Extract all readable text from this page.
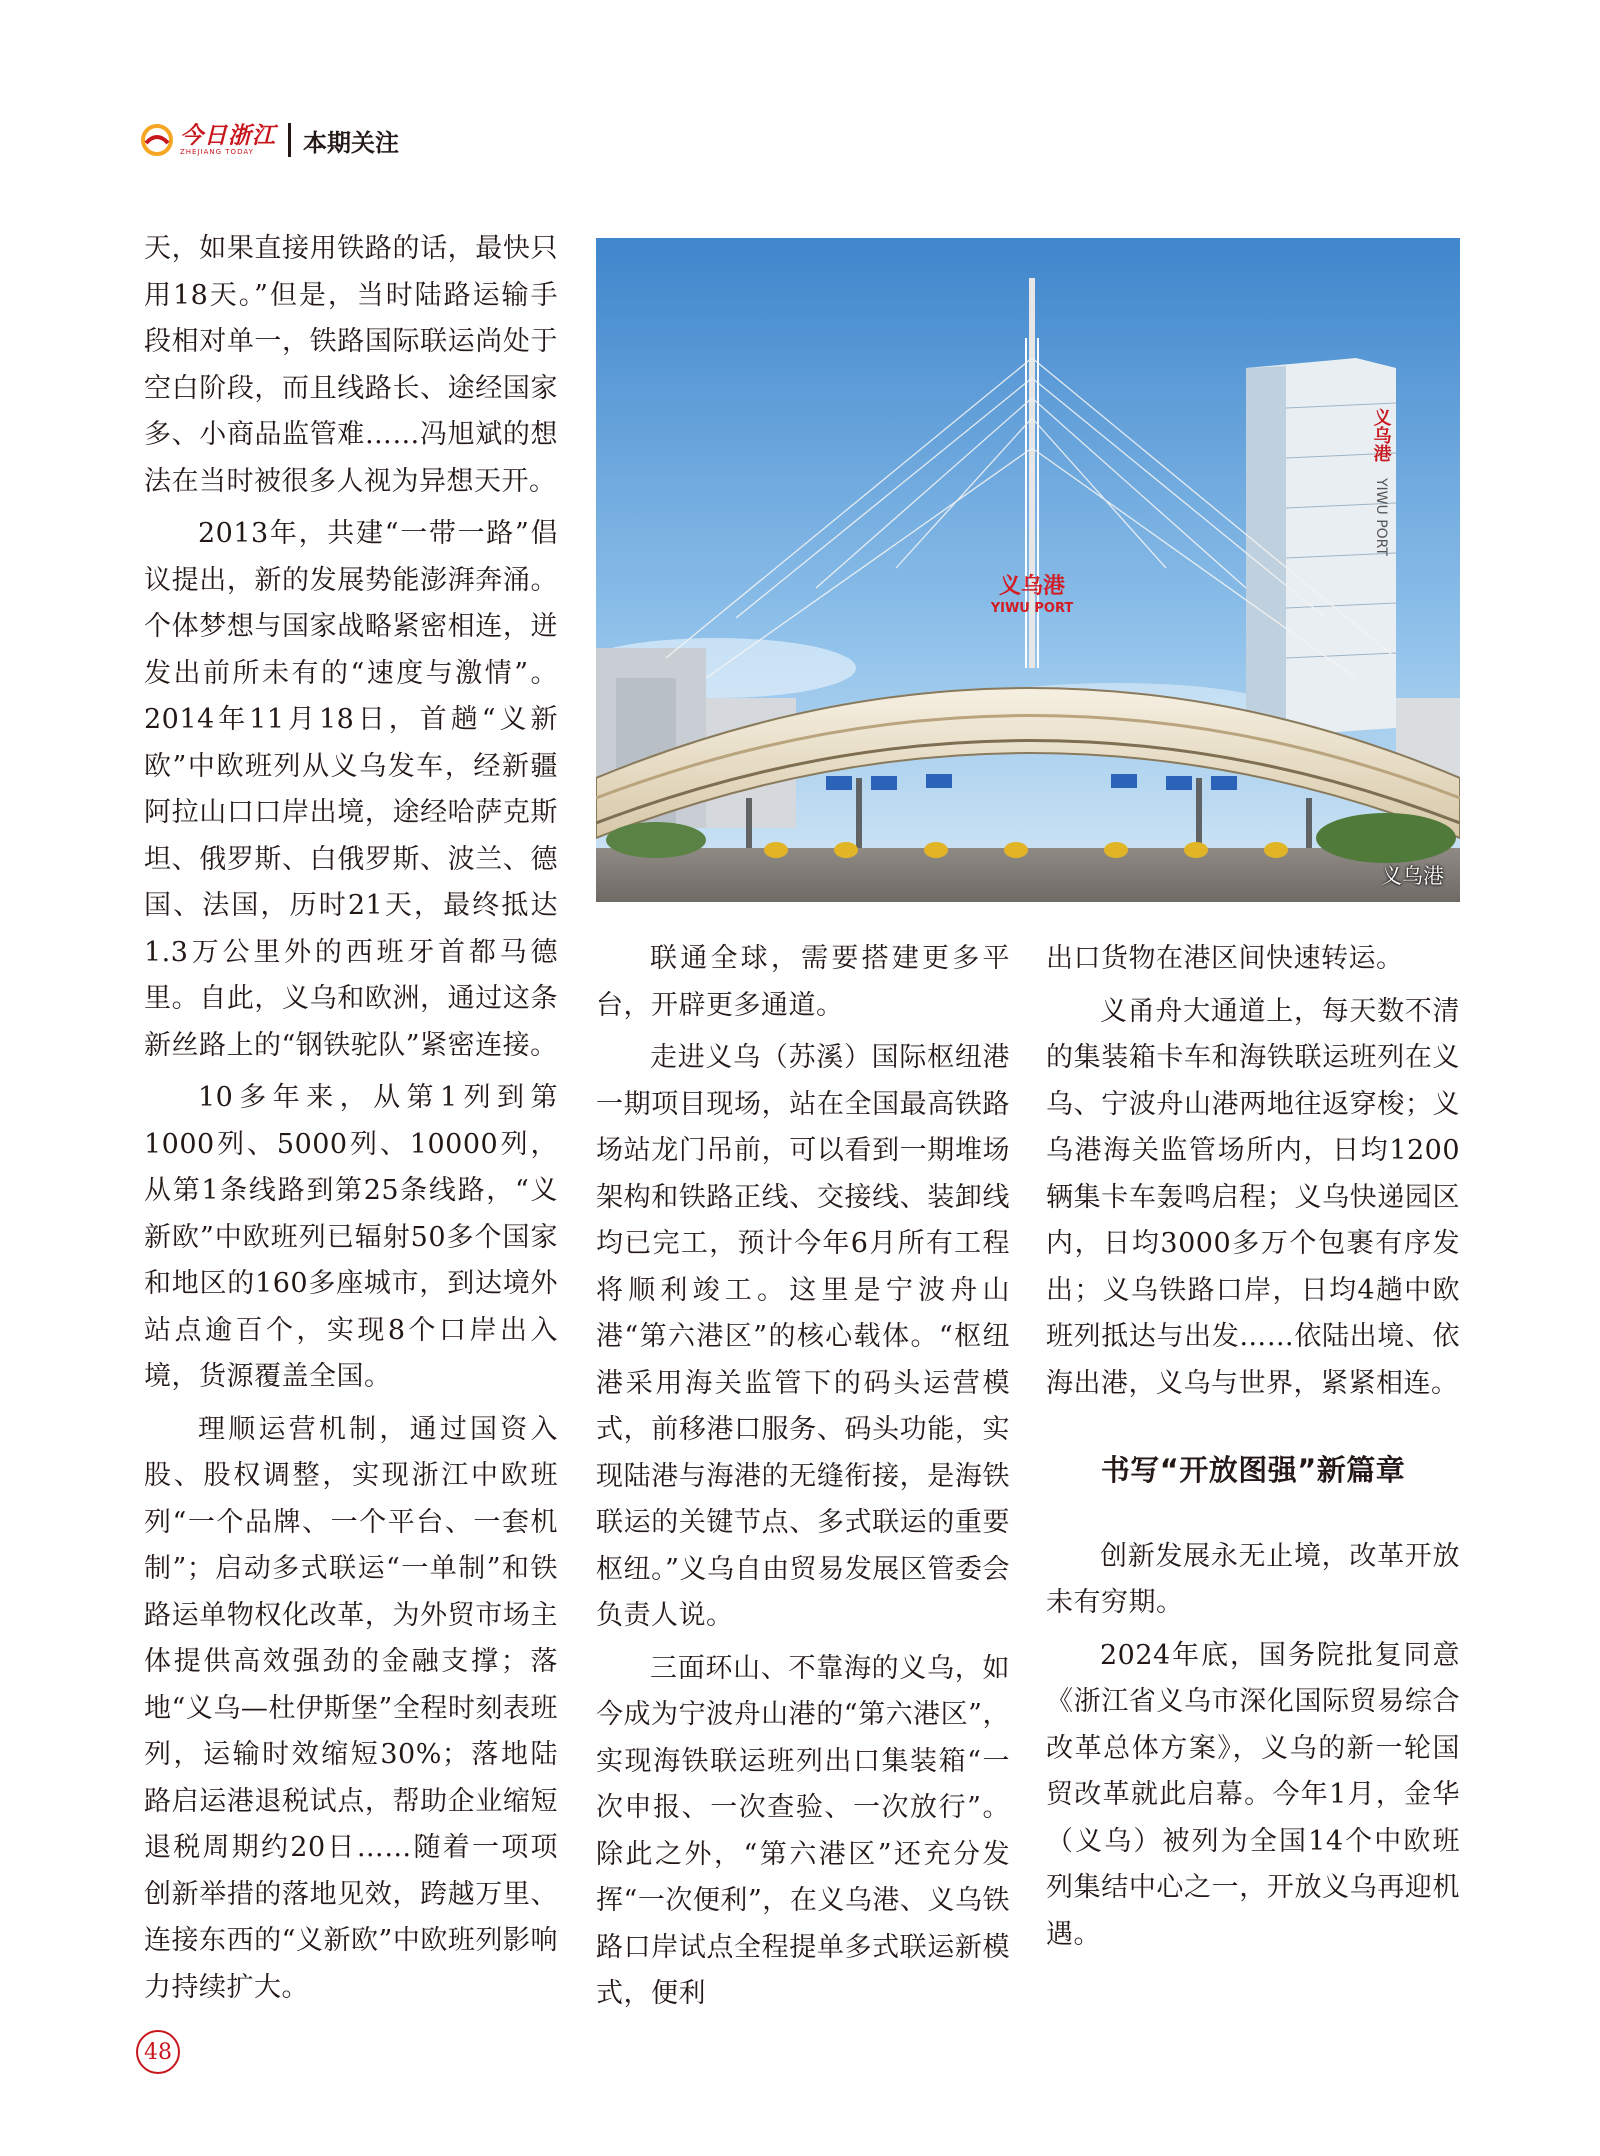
今日浙江
ZHEJIANG TODAY	本期关注

天，如果直接用铁路的话，最快只用18天。”但是，当时陆路运输手段相对单一，铁路国际联运尚处于空白阶段，而且线路长、途经国家多、小商品监管难……冯旭斌的想法在当时被很多人视为异想天开。

2013年，共建“一带一路”倡议提出，新的发展势能澎湃奔涌。个体梦想与国家战略紧密相连，迸发出前所未有的“速度与激情”。2014年11月18日，首趟“义新欧”中欧班列从义乌发车，经新疆阿拉山口口岸出境，途经哈萨克斯坦、俄罗斯、白俄罗斯、波兰、德国、法国，历时21天，最终抵达1.3万公里外的西班牙首都马德里。自此，义乌和欧洲，通过这条新丝路上的“钢铁驼队”紧密连接。

10多年来，从第1列到第1000列、5000列、10000列，从第1条线路到第25条线路，“义新欧”中欧班列已辐射50多个国家和地区的160多座城市，到达境外站点逾百个，实现8个口岸出入境，货源覆盖全国。

理顺运营机制，通过国资入股、股权调整，实现浙江中欧班列“一个品牌、一个平台、一套机制”；启动多式联运“一单制”和铁路运单物权化改革，为外贸市场主体提供高效强劲的金融支撑；落地“义乌—杜伊斯堡”全程时刻表班列，运输时效缩短30%；落地陆路启运港退税试点，帮助企业缩短退税周期约20日……随着一项项创新举措的落地见效，跨越万里、连接东西的“义新欧”中欧班列影响力持续扩大。

义乌港
YIWU PORT
义乌港
YIWU PORT
义乌港

联通全球，需要搭建更多平台，开辟更多通道。

走进义乌（苏溪）国际枢纽港一期项目现场，站在全国最高铁路场站龙门吊前，可以看到一期堆场架构和铁路正线、交接线、装卸线均已完工，预计今年6月所有工程将顺利竣工。这里是宁波舟山港“第六港区”的核心载体。“枢纽港采用海关监管下的码头运营模式，前移港口服务、码头功能，实现陆港与海港的无缝衔接，是海铁联运的关键节点、多式联运的重要枢纽。”义乌自由贸易发展区管委会负责人说。

三面环山、不靠海的义乌，如今成为宁波舟山港的“第六港区”，实现海铁联运班列出口集装箱“一次申报、一次查验、一次放行”。除此之外，“第六港区”还充分发挥“一次便利”，在义乌港、义乌铁路口岸试点全程提单多式联运新模式，便利

出口货物在港区间快速转运。

义甬舟大通道上，每天数不清的集装箱卡车和海铁联运班列在义乌、宁波舟山港两地往返穿梭；义乌港海关监管场所内，日均1200辆集卡车轰鸣启程；义乌快递园区内，日均3000多万个包裹有序发出；义乌铁路口岸，日均4趟中欧班列抵达与出发……依陆出境、依海出港，义乌与世界，紧紧相连。

书写“开放图强”新篇章

创新发展永无止境，改革开放未有穷期。

2024年底，国务院批复同意《浙江省义乌市深化国际贸易综合改革总体方案》，义乌的新一轮国贸改革就此启幕。今年1月，金华（义乌）被列为全国14个中欧班列集结中心之一，开放义乌再迎机遇。

48
